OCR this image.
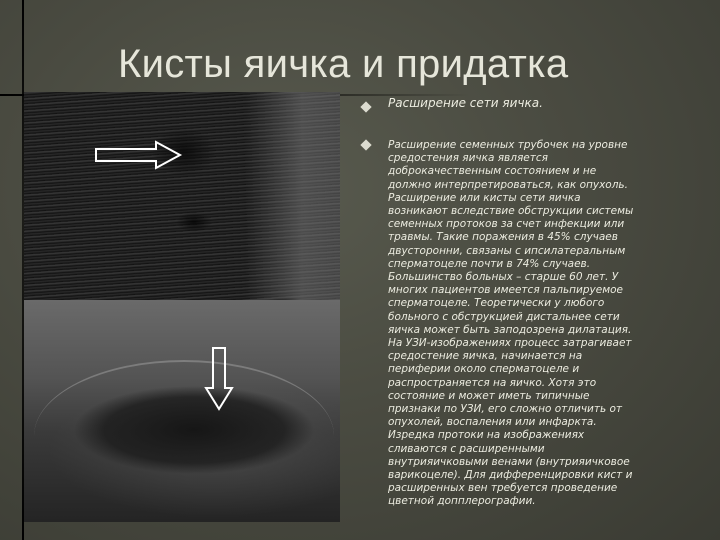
Кисты яичка и придатка

Расширение сети яичка.

Расширение семенных трубочек на уровне
средостения яичка является
доброкачественным состоянием и не
должно интерпретироваться, как опухоль.
Расширение или кисты сети яичка
возникают вследствие обструкции системы
семенных протоков за счет инфекции или
травмы. Такие поражения в 45% случаев
двусторонни, связаны с ипсилатеральным
сперматоцеле почти в 74% случаев.
Большинство больных – старше 60 лет. У
многих пациентов имеется пальпируемое
сперматоцеле. Теоретически у любого
больного с обструкцией дистальнее сети
яичка может быть заподозрена дилатация.
На УЗИ-изображениях процесс затрагивает
средостение яичка, начинается на
периферии около сперматоцеле и
распространяется на яичко. Хотя это
состояние и может иметь типичные
признаки по УЗИ, его сложно отличить от
опухолей, воспаления или инфаркта.
Изредка протоки на изображениях
сливаются с расширенными
внутрияичковыми венами (внутрияичковое
варикоцеле). Для дифференцировки кист и
расширенных вен требуется проведение
цветной допплерографии.
